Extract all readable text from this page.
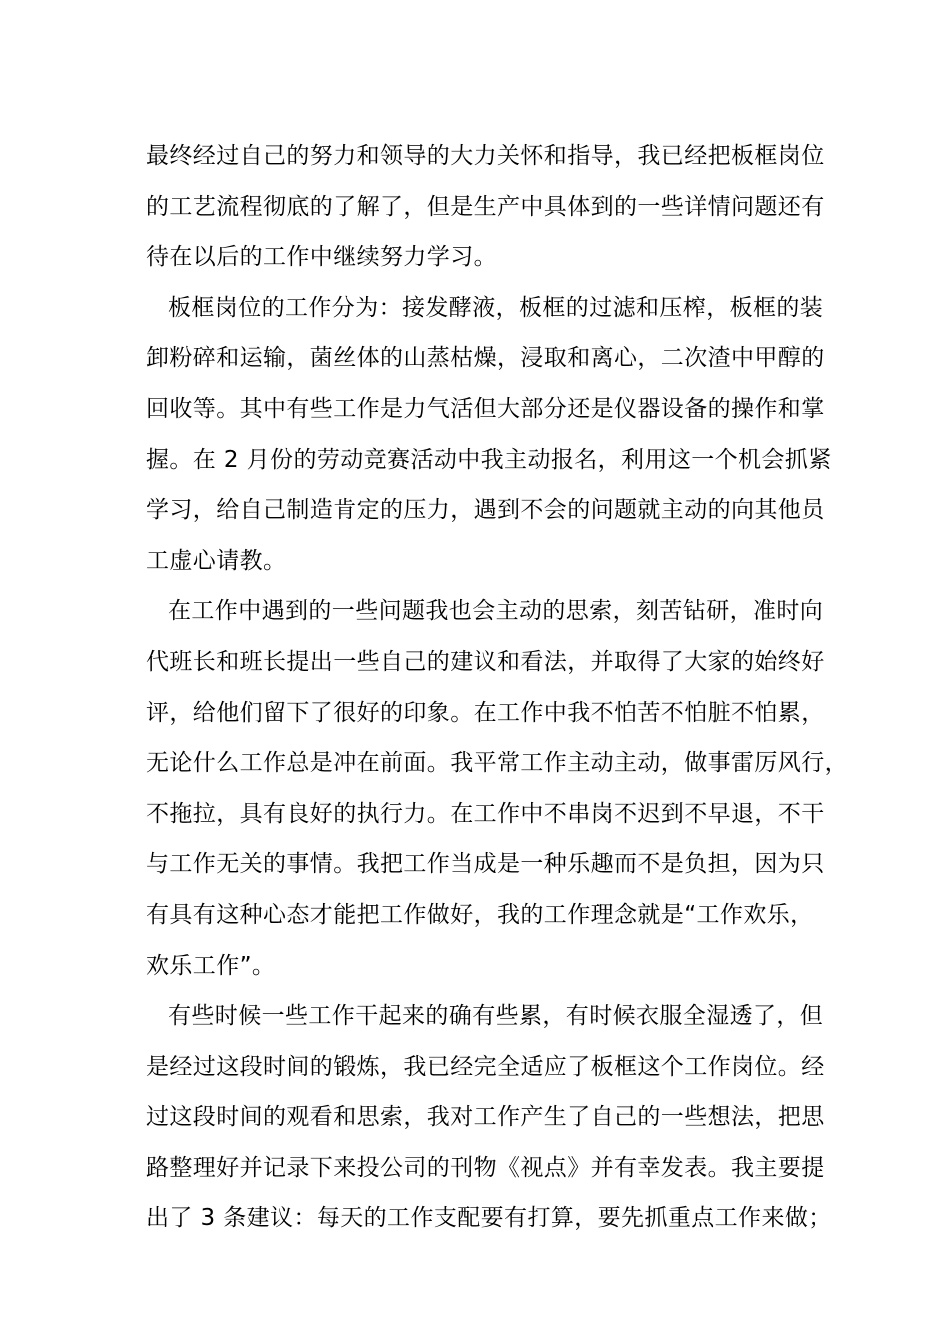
最终经过自己的努力和领导的大力关怀和指导，我已经把板框岗位
的工艺流程彻底的了解了，但是生产中具体到的一些详情问题还有
待在以后的工作中继续努力学习。
板框岗位的工作分为：接发酵液，板框的过滤和压榨，板框的装
卸粉碎和运输，菌丝体的山蒸枯燥，浸取和离心，二次渣中甲醇的
回收等。其中有些工作是力气活但大部分还是仪器设备的操作和掌
握。在 2 月份的劳动竞赛活动中我主动报名，利用这一个机会抓紧
学习，给自己制造肯定的压力，遇到不会的问题就主动的向其他员
工虚心请教。
在工作中遇到的一些问题我也会主动的思索，刻苦钻研，准时向
代班长和班长提出一些自己的建议和看法，并取得了大家的始终好
评，给他们留下了很好的印象。在工作中我不怕苦不怕脏不怕累，
无论什么工作总是冲在前面。我平常工作主动主动，做事雷厉风行，
不拖拉，具有良好的执行力。在工作中不串岗不迟到不早退，不干
与工作无关的事情。我把工作当成是一种乐趣而不是负担，因为只
有具有这种心态才能把工作做好，我的工作理念就是“工作欢乐，
欢乐工作”。
有些时候一些工作干起来的确有些累，有时候衣服全湿透了，但
是经过这段时间的锻炼，我已经完全适应了板框这个工作岗位。经
过这段时间的观看和思索，我对工作产生了自己的一些想法，把思
路整理好并记录下来投公司的刊物《视点》并有幸发表。我主要提
出了 3 条建议：每天的工作支配要有打算，要先抓重点工作来做；
